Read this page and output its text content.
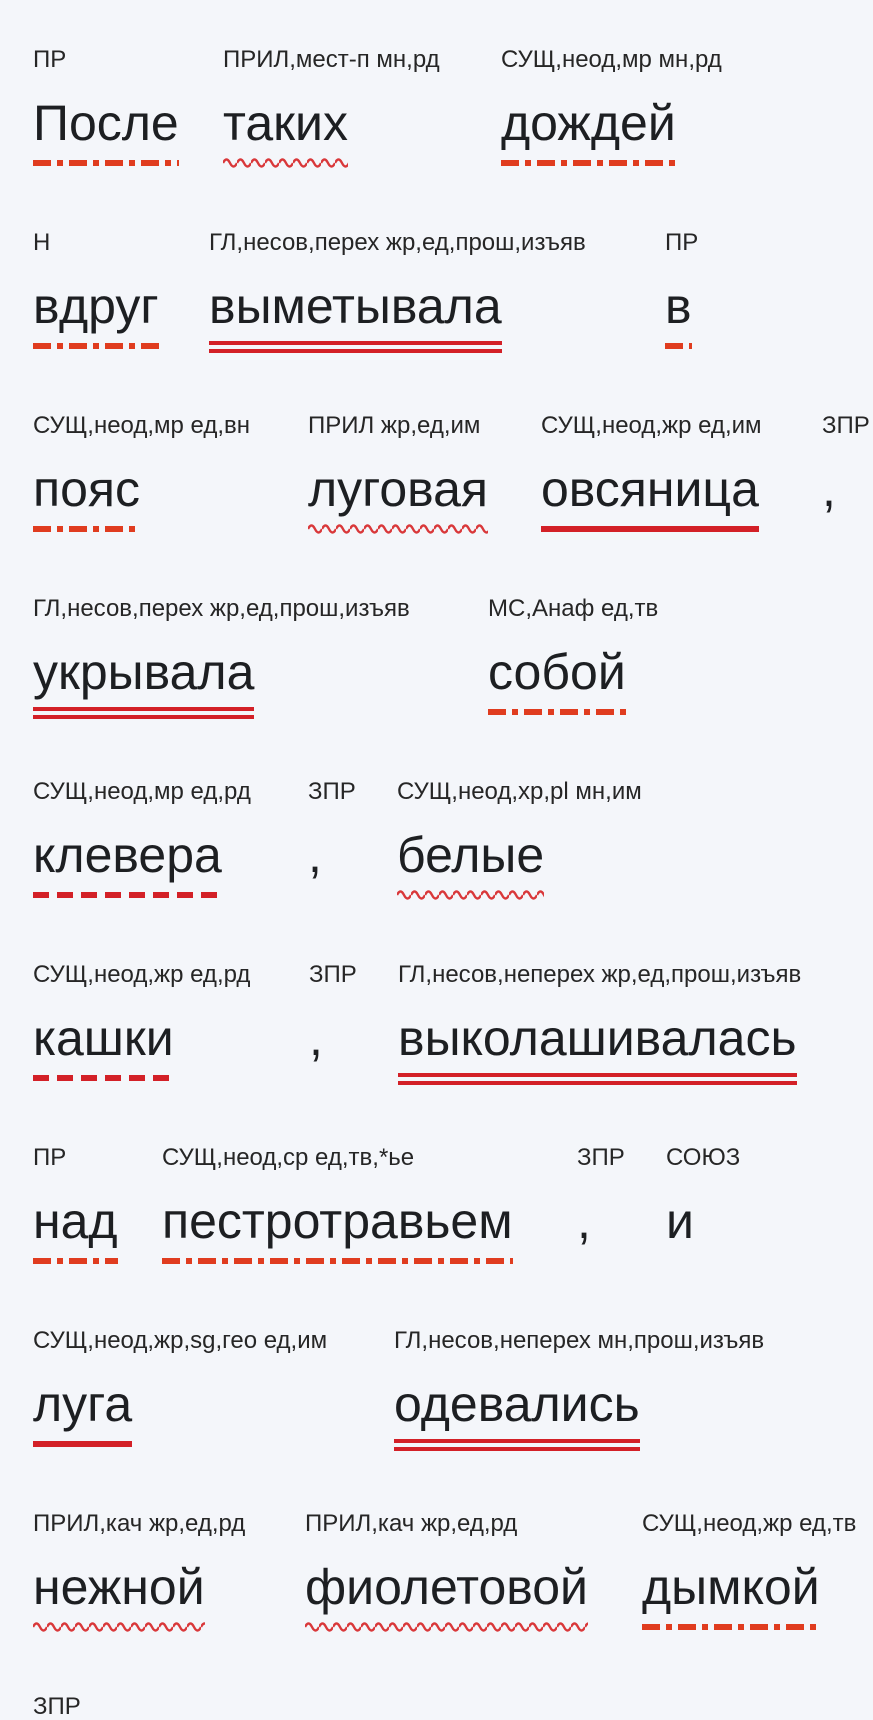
ПР
После
ПРИЛ,мест-п мн,рд
таких
СУЩ,неод,мр мн,рд
дождей
Н
вдруг
ГЛ,несов,перех жр,ед,прош,изъяв
выметывала
ПР
в
СУЩ,неод,мр ед,вн
пояс
ПРИЛ жр,ед,им
луговая
СУЩ,неод,жр ед,им
овсяница
ЗПР
,
ГЛ,несов,перех жр,ед,прош,изъяв
укрывала
МС,Анаф ед,тв
собой
СУЩ,неод,мр ед,рд
клевера
ЗПР
,
СУЩ,неод,хр,pl мн,им
белые
СУЩ,неод,жр ед,рд
кашки
ЗПР
,
ГЛ,несов,неперех жр,ед,прош,изъяв
выколашивалась
ПР
над
СУЩ,неод,ср ед,тв,*ье
пестротравьем
ЗПР
,
СОЮЗ
и
СУЩ,неод,жр,sg,гео ед,им
луга
ГЛ,несов,неперех мн,прош,изъяв
одевались
ПРИЛ,кач жр,ед,рд
нежной
ПРИЛ,кач жр,ед,рд
фиолетовой
СУЩ,неод,жр ед,тв
дымкой
ЗПР
